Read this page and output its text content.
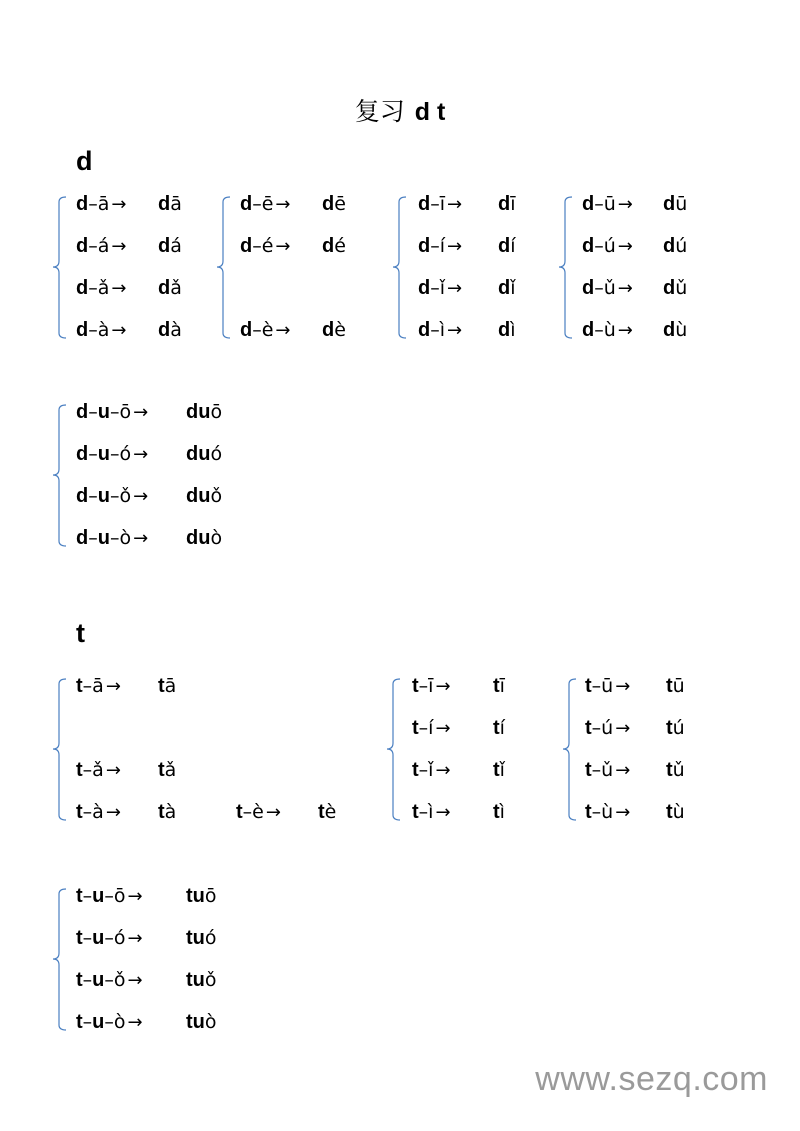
复习 d t
d
t
d–ā → dā
d–á → dá
d–ǎ → dǎ
d–à → dà
d–ē → dē
d–é → dé
d–è → dè
d–ī → dī
d–í → dí
d–ǐ → dǐ
d–ì → dì
d–ū → dū
d–ú → dú
d–ǔ → dǔ
d–ù → dù
d–u–ō → duō
d–u–ó → duó
d–u–ǒ → duǒ
d–u–ò → duò
t–ā → tā
t–ǎ → tǎ
t–à → tà
t–ī → tī
t–í → tí
t–ǐ → tǐ
t–ì → tì
t–ū → tū
t–ú → tú
t–ǔ → tǔ
t–ù → tù
t–u–ō → tuō
t–u–ó → tuó
t–u–ǒ → tuǒ
t–u–ò → tuò
t–è → tè
www.sezq.com
